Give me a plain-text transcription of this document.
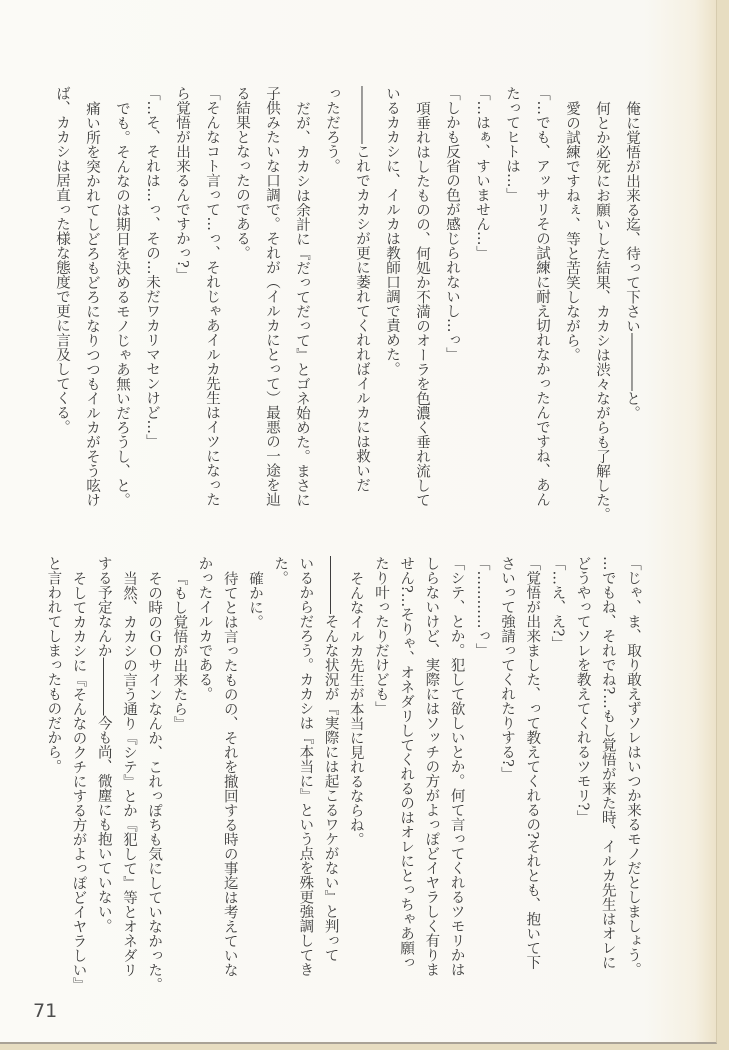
俺に覚悟が出来る迄、待って下さい――――と。

何とか必死にお願いした結果、カカシは渋々ながらも了解した。

愛の試練ですねぇ、等と苦笑しながら。

「…でも、アッサリその試練に耐え切れなかったんですね、あん

たってヒトは…」

「…はぁ、すいません…」

「しかも反省の色が感じられないし…っ」

項垂れはしたものの、何処か不満のオーラを色濃く垂れ流して

いるカカシに、イルカは教師口調で責めた。

――――これでカカシが更に萎れてくれればイルカには救いだ

っただろう。

だが、カカシは余計に『だってだって』とゴネ始めた。まさに

子供みたいな口調で。それが（イルカにとって）最悪の一途を辿

る結果となったのである。

「そんなコト言って…っ、それじゃあイルカ先生はイツになった

ら覚悟が出来るんですかっ?」

「…そ、それは…っ、その…未だワカリマセンけど…」

でも。そんなのは期日を決めるモノじゃあ無いだろうし、と。

痛い所を突かれてしどろもどろになりつつもイルカがそう呟け

ば、カカシは居直った様な態度で更に言及してくる。

「じゃ、ま、取り敢えずソレはいつか来るモノだとしましょう。

…でもね、それでね?…もし覚悟が来た時、イルカ先生はオレに

どうやってソレを教えてくれるツモリ?」

「…え、え?」

「覚悟が出来ました、って教えてくれるの?それとも、抱いて下

さいって強請ってくれたりする?」

「…………っ」

「シテ、とか。犯して欲しいとか。何て言ってくれるツモリかは

しらないけど、実際にはソッチの方がよっぽどイヤラしく有りま

せん?…そりゃ、オネダリしてくれるのはオレにとっちゃあ願っ

たり叶ったりだけども」

そんなイルカ先生が本当に見れるならね。

――――そんな状況が『実際には起こるワケがない』と判って

いるからだろう。カカシは『本当に』という点を殊更強調してき

た。

確かに。

待てとは言ったものの、それを撤回する時の事迄は考えていな

かったイルカである。

『もし覚悟が出来たら』

その時のＧＯサインなんか、これっぽちも気にしていなかった。

当然、カカシの言う通り『シテ』とか『犯して』等とオネダリ

する予定なんか――――今も尚、微塵にも抱いていない。

そしてカカシに『そんなのクチにする方がよっぽどイヤラしい』

と言われてしまったものだから。

71
